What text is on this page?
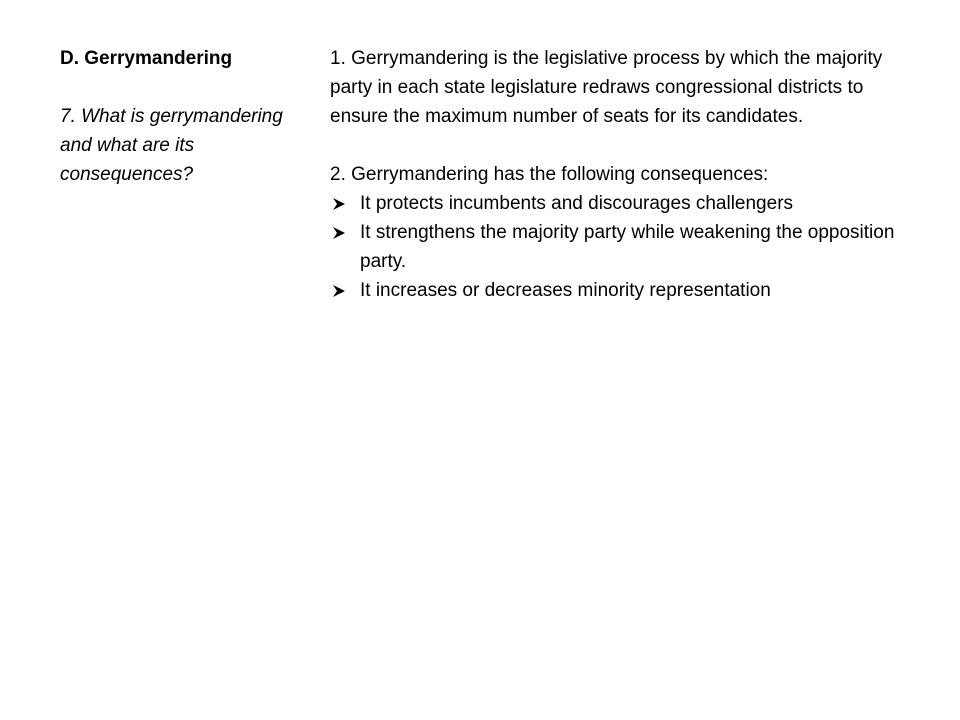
D. Gerrymandering

7. What is gerrymandering and what are its consequences?

1. Gerrymandering is the legislative process by which the majority party in each state legislature redraws congressional districts to ensure the maximum number of seats for its candidates.

2. Gerrymandering has the following consequences:

It protects incumbents and discourages challengers
It strengthens the majority party while weakening the opposition party.
It increases or decreases minority representation
